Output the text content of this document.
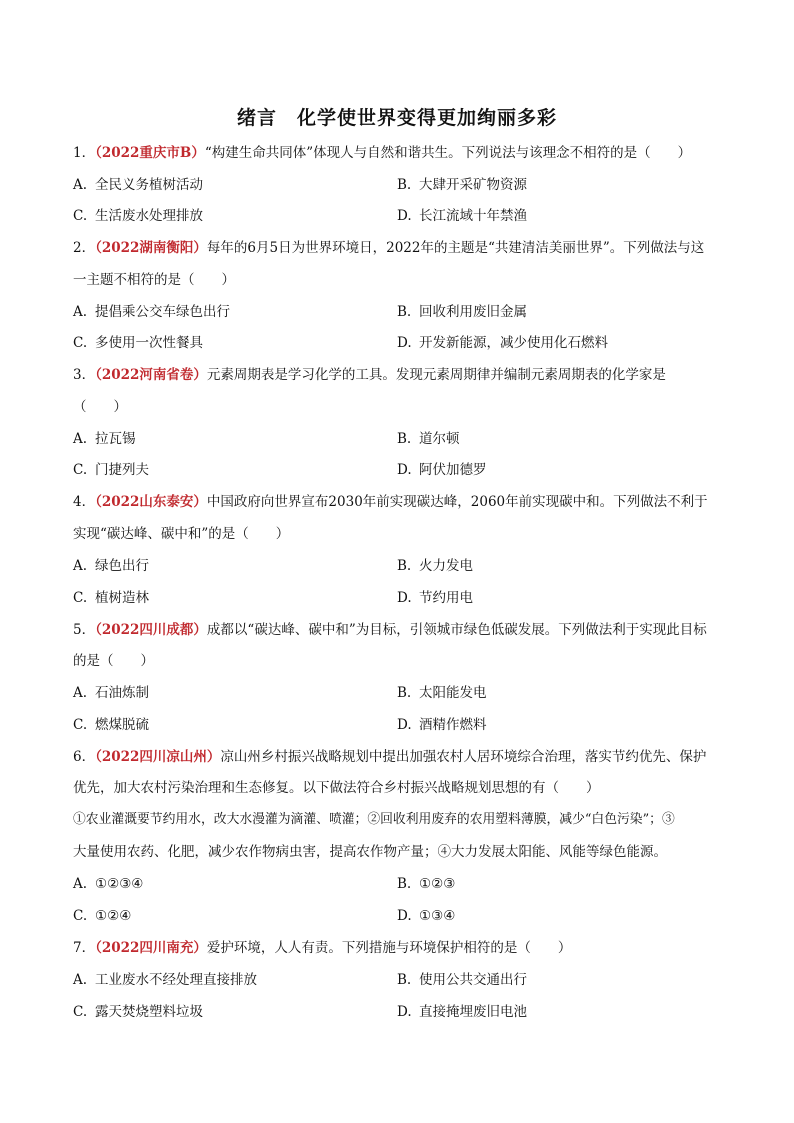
绪言　化学使世界变得更加绚丽多彩
1．（2022重庆市B）“构建生命共同体”体现人与自然和谐共生。下列说法与该理念不相符的是（　　）
A. 全民义务植树活动	B. 大肆开采矿物资源
C. 生活废水处理排放	D. 长江流域十年禁渔
2．（2022湖南衡阳）每年的6月5日为世界环境日，2022年的主题是“共建清洁美丽世界”。下列做法与这
一主题不相符的是（　　）
A. 提倡乘公交车绿色出行	B. 回收利用废旧金属
C. 多使用一次性餐具	D. 开发新能源，减少使用化石燃料
3．（2022河南省卷）元素周期表是学习化学的工具。发现元素周期律并编制元素周期表的化学家是
（　　）
A. 拉瓦锡	B. 道尔顿
C. 门捷列夫	D. 阿伏加德罗
4．（2022山东泰安）中国政府向世界宣布2030年前实现碳达峰，2060年前实现碳中和。下列做法不利于
实现“碳达峰、碳中和”的是（　　）
A. 绿色出行	B. 火力发电
C. 植树造林	D. 节约用电
5．（2022四川成都）成都以“碳达峰、碳中和”为目标，引领城市绿色低碳发展。下列做法利于实现此目标
的是（　　）
A. 石油炼制	B. 太阳能发电
C. 燃煤脱硫	D. 酒精作燃料
6．（2022四川凉山州）凉山州乡村振兴战略规划中提出加强农村人居环境综合治理，落实节约优先、保护
优先，加大农村污染治理和生态修复。以下做法符合乡村振兴战略规划思想的有（　　）
①农业灌溉要节约用水，改大水漫灌为滴灌、喷灌；②回收利用废弃的农用塑料薄膜，减少“白色污染”；③
大量使用农药、化肥，减少农作物病虫害，提高农作物产量；④大力发展太阳能、风能等绿色能源。
A. ①②③④	B. ①②③
C. ①②④	D. ①③④
7．（2022四川南充）爱护环境，人人有责。下列措施与环境保护相符的是（　　）
A. 工业废水不经处理直接排放	B. 使用公共交通出行
C. 露天焚烧塑料垃圾	D. 直接掩埋废旧电池
